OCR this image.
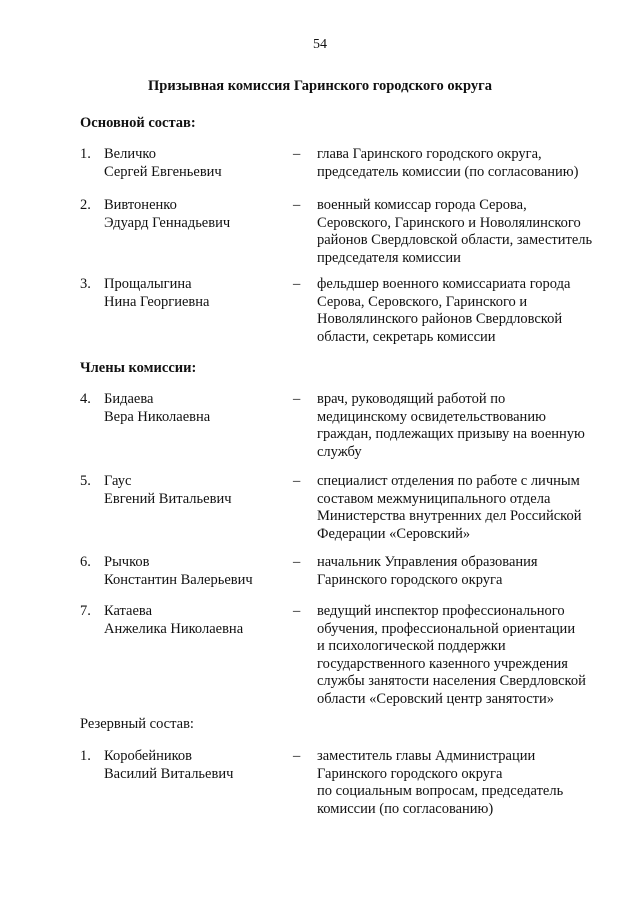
54
Призывная комиссия Гаринского городского округа
Основной состав:
1. Величко
Сергей Евгеньевич
– глава Гаринского городского округа,
председатель комиссии (по согласованию)
2. Вивтоненко
Эдуард Геннадьевич
– военный комиссар города Серова,
Серовского, Гаринского и Новолялинского
районов Свердловской области, заместитель
председателя комиссии
3. Прощалыгина
Нина Георгиевна
– фельдшер военного комиссариата города
Серова, Серовского, Гаринского и
Новолялинского районов Свердловской
области, секретарь комиссии
Члены комиссии:
4. Бидаева
Вера Николаевна
– врач, руководящий работой по
медицинскому освидетельствованию
граждан, подлежащих призыву на военную
службу
5. Гаус
Евгений Витальевич
– специалист отделения по работе с личным
составом межмуниципального отдела
Министерства внутренних дел Российской
Федерации «Серовский»
6. Рычков
Константин Валерьевич
– начальник Управления образования
Гаринского городского округа
7. Катаева
Анжелика Николаевна
– ведущий инспектор профессионального
обучения, профессиональной ориентации
и психологической поддержки
государственного казенного учреждения
службы занятости населения Свердловской
области «Серовский центр занятости»
Резервный состав:
1. Коробейников
Василий Витальевич
– заместитель главы Администрации
Гаринского городского округа
по социальным вопросам, председатель
комиссии (по согласованию)
